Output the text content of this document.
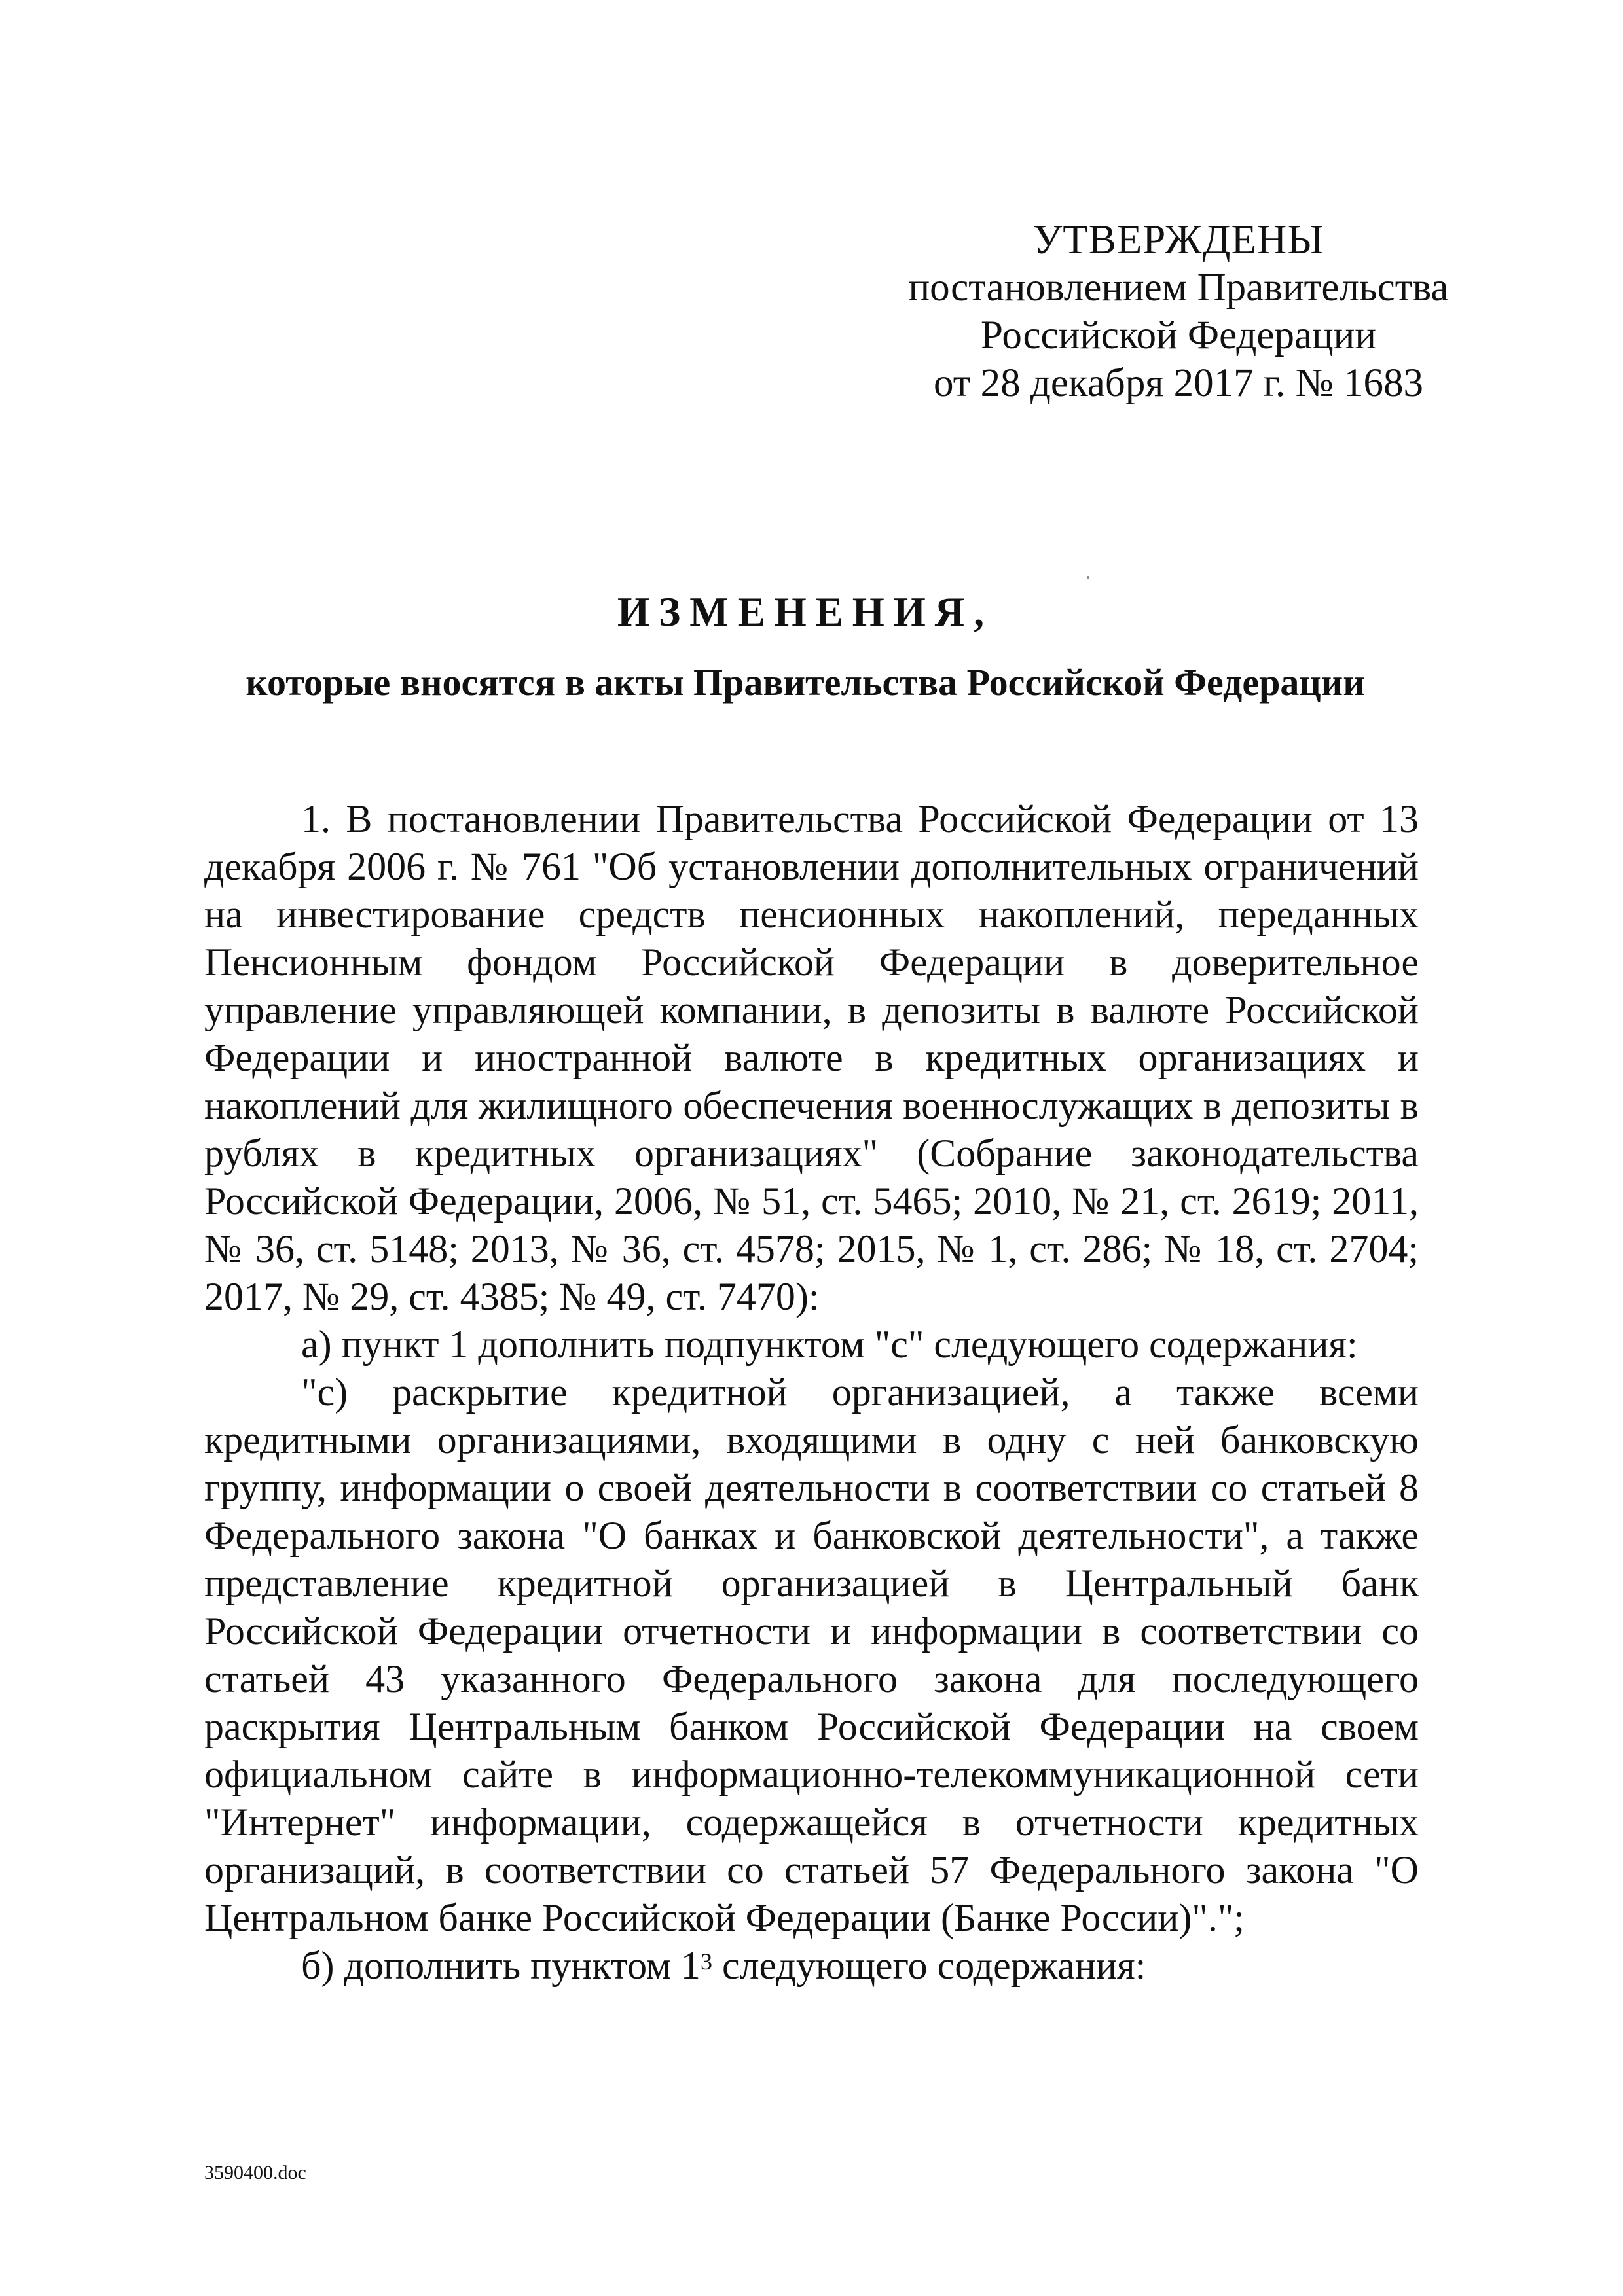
УТВЕРЖДЕНЫ
постановлением Правительства
Российской Федерации
от 28 декабря 2017 г. № 1683
ИЗМЕНЕНИЯ,
которые вносятся в акты Правительства Российской Федерации

1. В постановлении Правительства Российской Федерации от 13 декабря 2006 г. № 761 "Об установлении дополнительных ограничений на инвестирование средств пенсионных накоплений, переданных Пенсионным фондом Российской Федерации в доверительное управление управляющей компании, в депозиты в валюте Российской Федерации и иностранной валюте в кредитных организациях и накоплений для жилищного обеспечения военнослужащих в депозиты в рублях в кредитных организациях" (Собрание законодательства Российской Федерации, 2006, № 51, ст. 5465; 2010, № 21, ст. 2619; 2011, № 36, ст. 5148; 2013, № 36, ст. 4578; 2015, № 1, ст. 286; № 18, ст. 2704; 2017, № 29, ст. 4385; № 49, ст. 7470):

а) пункт 1 дополнить подпунктом "c" следующего содержания:

"c) раскрытие кредитной организацией, а также всеми кредитными организациями, входящими в одну с ней банковскую группу, информации о своей деятельности в соответствии со статьей 8 Федерального закона "О банках и банковской деятельности", а также представление кредитной организацией в Центральный банк Российской Федерации отчетности и информации в соответствии со статьей 43 указанного Федерального закона для последующего раскрытия Центральным банком Российской Федерации на своем официальном сайте в информационно-телекоммуникационной сети "Интернет" информации, содержащейся в отчетности кредитных организаций, в соответствии со статьей 57 Федерального закона "О Центральном банке Российской Федерации (Банке России)".";

б) дополнить пунктом $1^3$ следующего содержания:

3590400.doc
